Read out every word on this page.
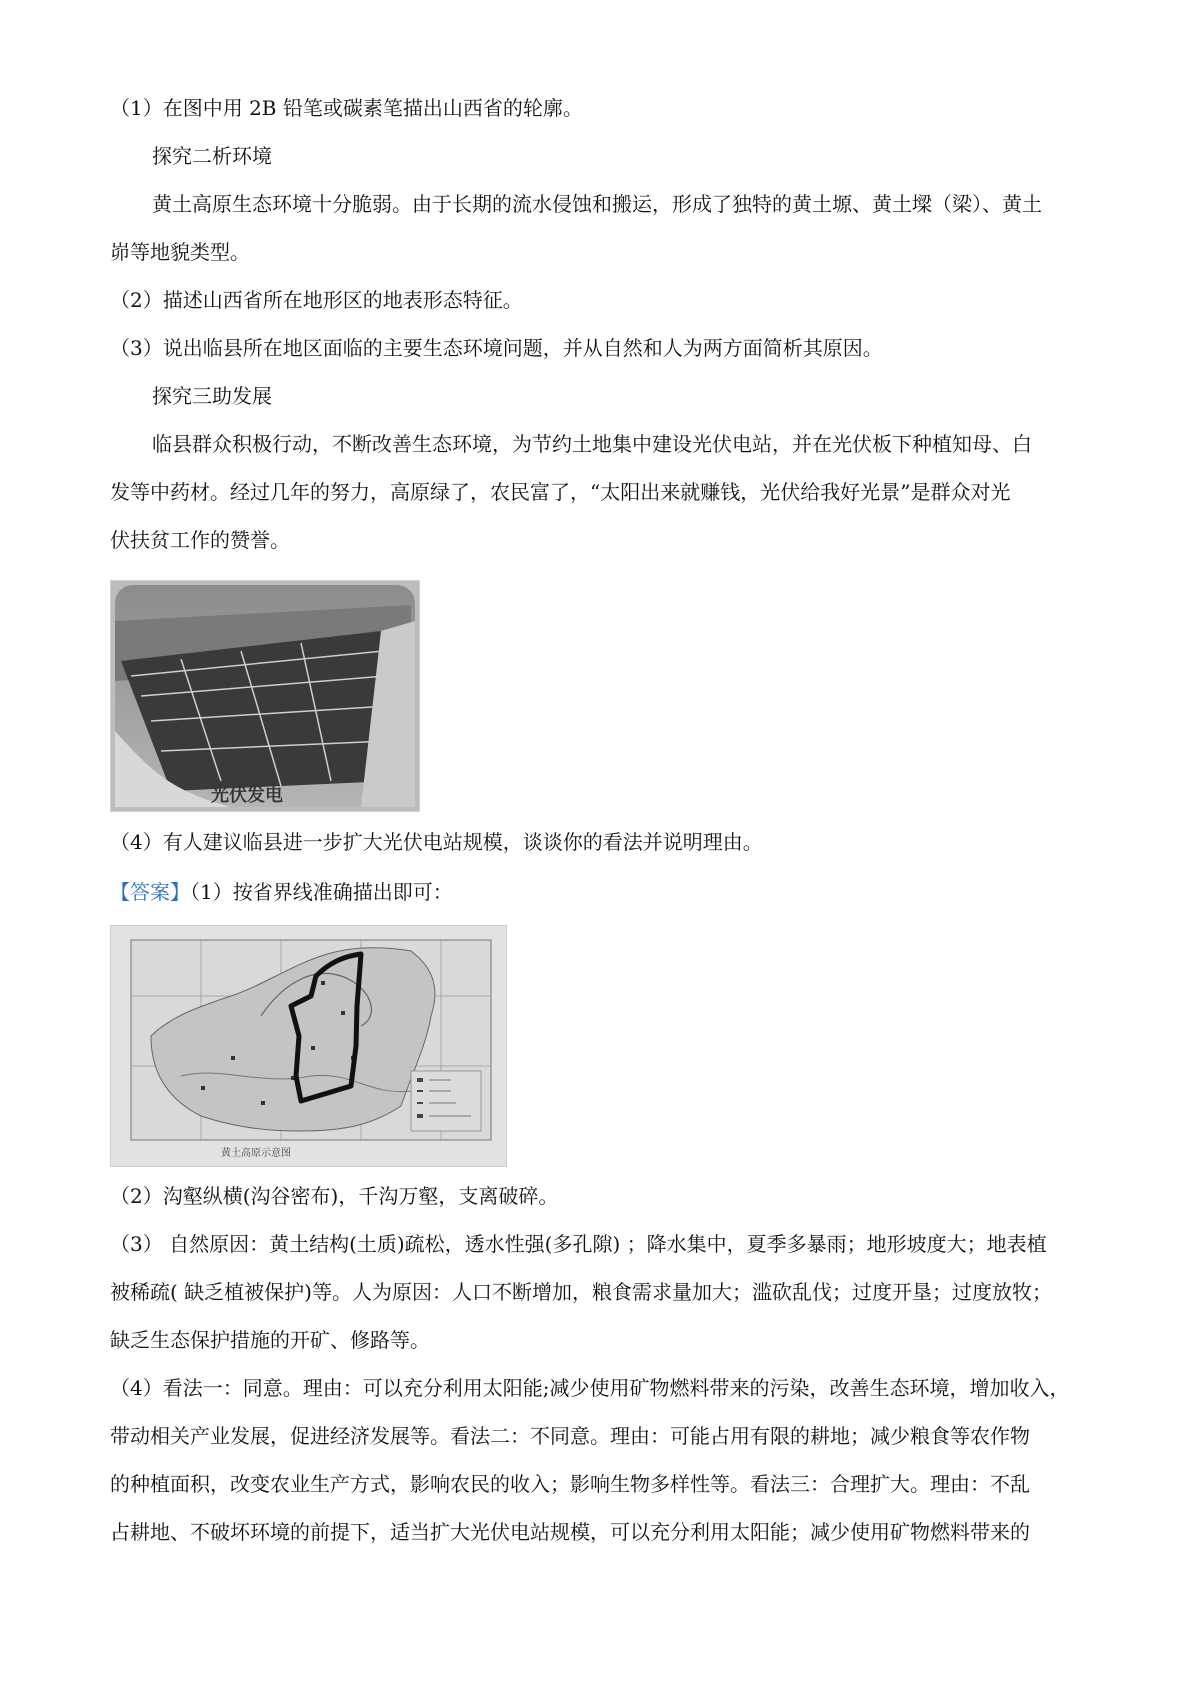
（1）在图中用 2B 铅笔或碳素笔描出山西省的轮廓。
探究二析环境
黄土高原生态环境十分脆弱。由于长期的流水侵蚀和搬运，形成了独特的黄土塬、黄土墚（梁）、黄土
峁等地貌类型。
（2）描述山西省所在地形区的地表形态特征。
（3）说出临县所在地区面临的主要生态环境问题，并从自然和人为两方面简析其原因。
探究三助发展
临县群众积极行动，不断改善生态环境，为节约土地集中建设光伏电站，并在光伏板下种植知母、白
发等中药材。经过几年的努力，高原绿了，农民富了，“太阳出来就赚钱，光伏给我好光景”是群众对光
伏扶贫工作的赞誉。
光伏发电
（4）有人建议临县进一步扩大光伏电站规模，谈谈你的看法并说明理由。
【答案】（1）按省界线准确描出即可：
黄土高原示意图
（2）沟壑纵横(沟谷密布)，千沟万壑，支离破碎。
（3） 自然原因：黄土结构(土质)疏松，透水性强(多孔隙) ；降水集中，夏季多暴雨；地形坡度大；地表植
被稀疏( 缺乏植被保护)等。人为原因：人口不断增加，粮食需求量加大；滥砍乱伐；过度开垦；过度放牧；
缺乏生态保护措施的开矿、修路等。
（4）看法一：同意。理由：可以充分利用太阳能;减少使用矿物燃料带来的污染，改善生态环境，增加收入，
带动相关产业发展，促进经济发展等。看法二：不同意。理由：可能占用有限的耕地；减少粮食等农作物
的种植面积，改变农业生产方式，影响农民的收入；影响生物多样性等。看法三：合理扩大。理由：不乱
占耕地、不破坏环境的前提下，适当扩大光伏电站规模，可以充分利用太阳能；减少使用矿物燃料带来的
